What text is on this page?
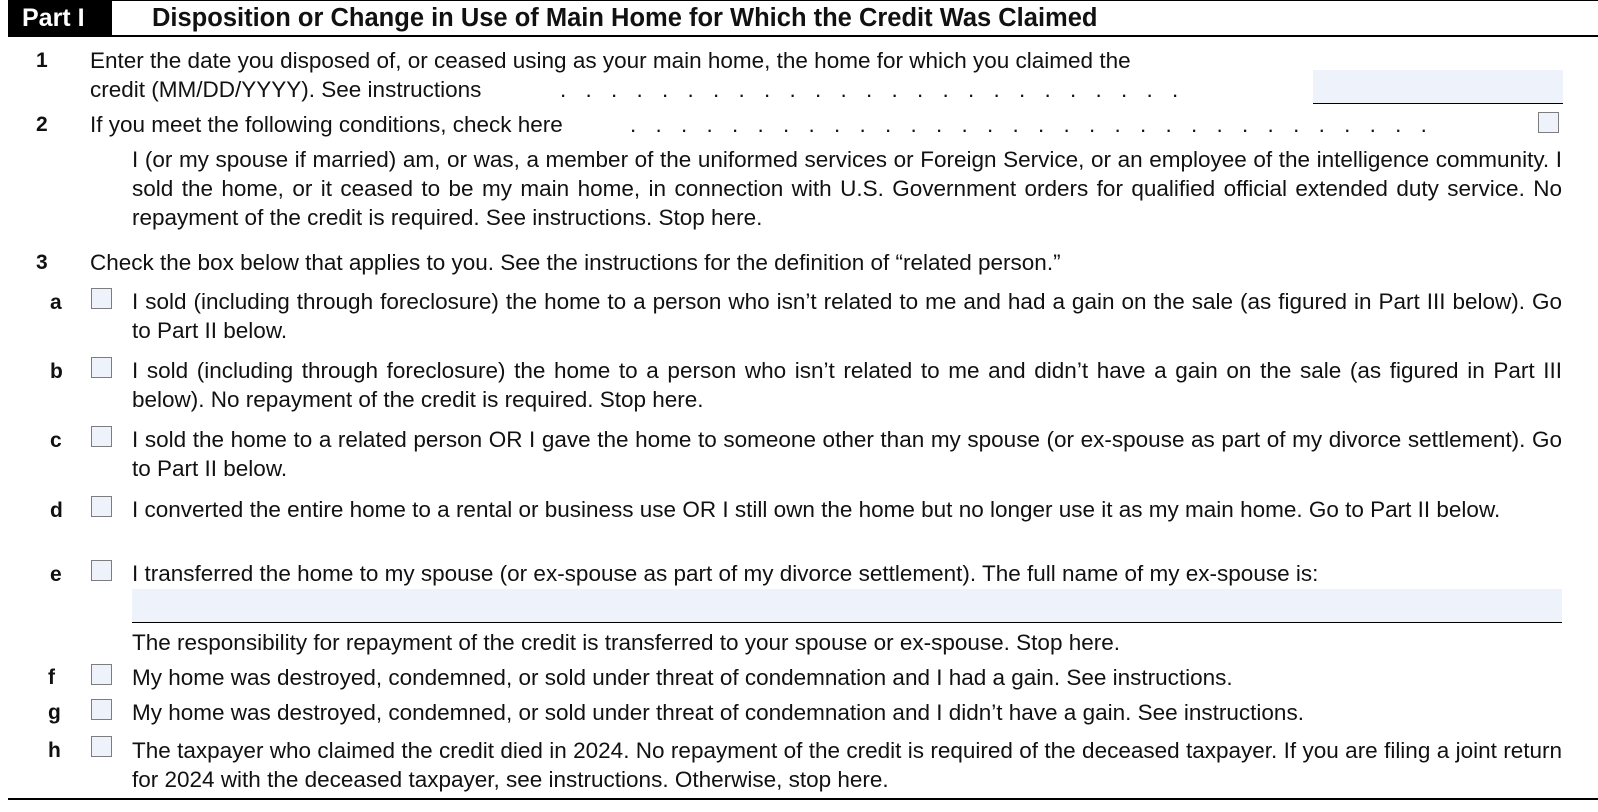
Part I	Disposition or Change in Use of Main Home for Which the Credit Was Claimed
1 Enter the date you disposed of, or ceased using as your main home, the home for which you claimed the
credit (MM/DD/YYYY). See instructions	. . . . . . . . . . . . . . . . . . . . . . . . .
2 If you meet the following conditions, check here	. . . . . . . . . . . . . . . . . . . . . . . . . . . . . . . .
I (or my spouse if married) am, or was, a member of the uniformed services or Foreign Service, or an employee of the intelligence community. I sold the home, or it ceased to be my main home, in connection with U.S. Government orders for qualified official extended duty service. No repayment of the credit is required. See instructions. Stop here.
3 Check the box below that applies to you. See the instructions for the definition of “related person.”
a	I sold (including through foreclosure) the home to a person who isn’t related to me and had a gain on the sale (as figured in Part III below). Go to Part II below.
b	I sold (including through foreclosure) the home to a person who isn’t related to me and didn’t have a gain on the sale (as figured in Part III below). No repayment of the credit is required. Stop here.
c	I sold the home to a related person OR I gave the home to someone other than my spouse (or ex-spouse as part of my divorce settlement). Go to Part II below.
d	I converted the entire home to a rental or business use OR I still own the home but no longer use it as my main home. Go to Part II below.
e	I transferred the home to my spouse (or ex-spouse as part of my divorce settlement). The full name of my ex-spouse is:
The responsibility for repayment of the credit is transferred to your spouse or ex-spouse. Stop here.
f	My home was destroyed, condemned, or sold under threat of condemnation and I had a gain. See instructions.
g	My home was destroyed, condemned, or sold under threat of condemnation and I didn’t have a gain. See instructions.
h	The taxpayer who claimed the credit died in 2024. No repayment of the credit is required of the deceased taxpayer. If you are filing a joint return for 2024 with the deceased taxpayer, see instructions. Otherwise, stop here.
